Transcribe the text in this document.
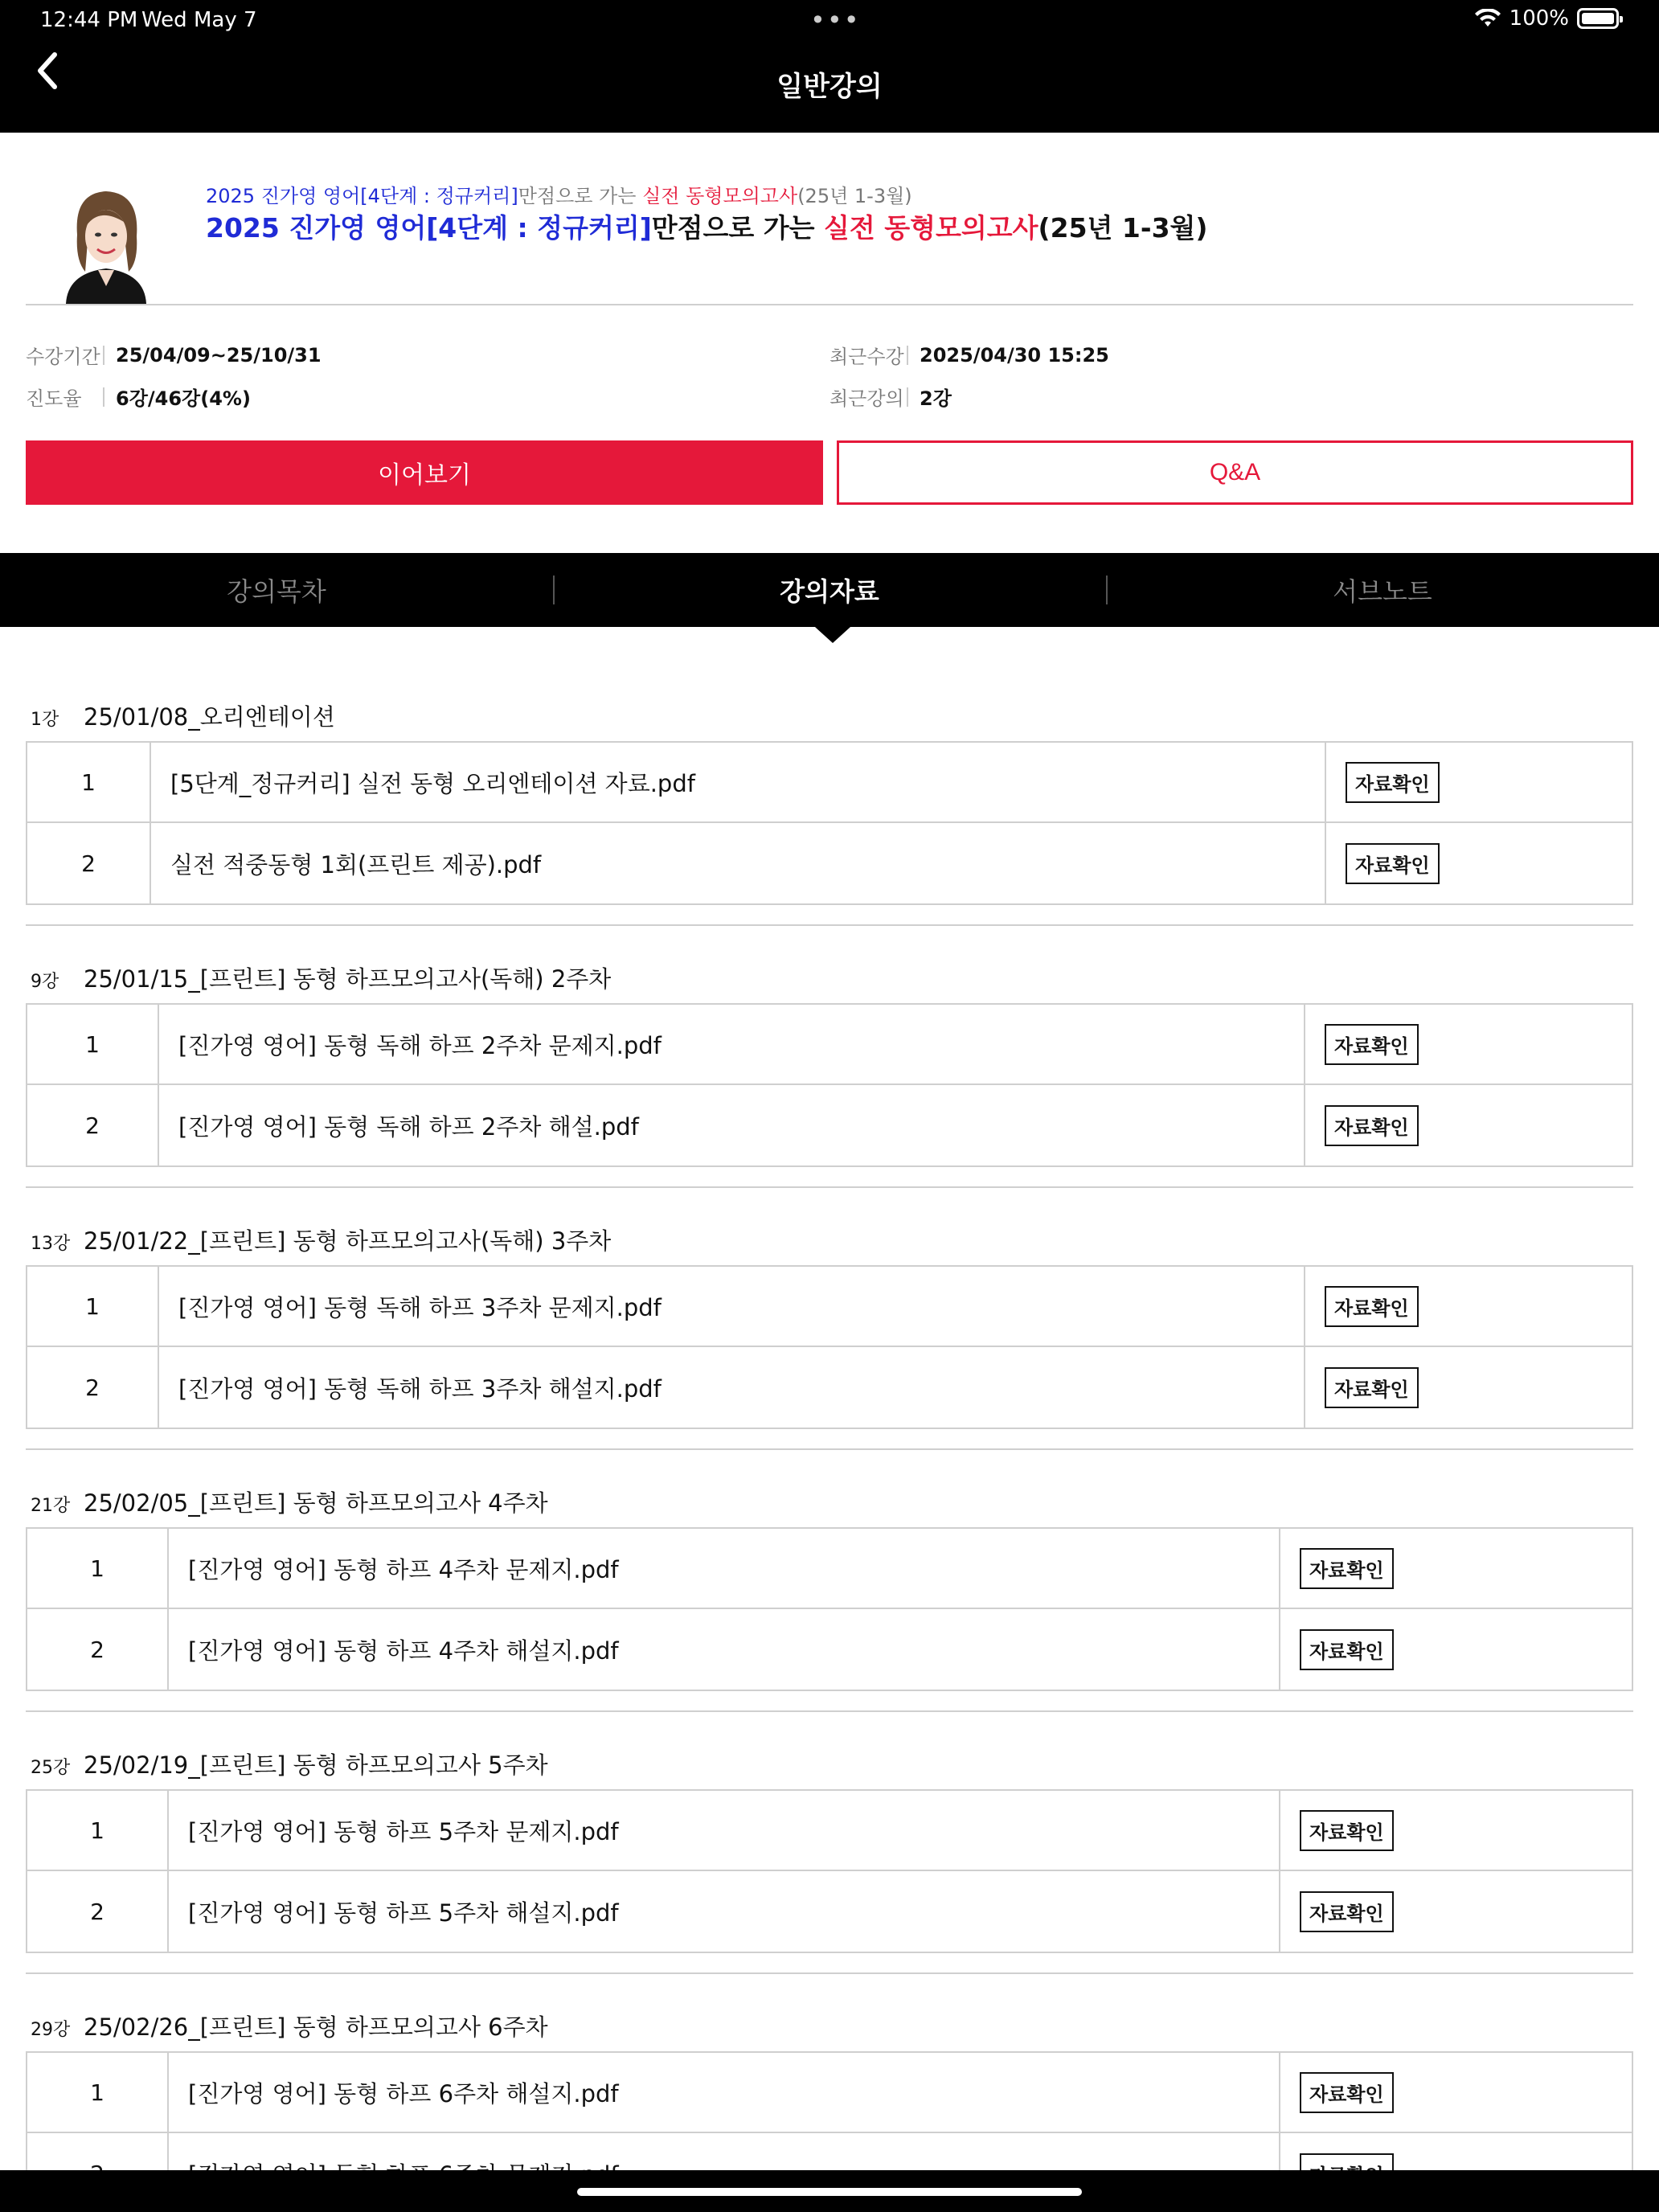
12:44 PM Wed May 7	•••	100%
일반강의
2025 진가영 영어[4단계 : 정규커리]만점으로 가는 실전 동형모의고사(25년 1-3월)
2025 진가영 영어[4단계 : 정규커리]만점으로 가는 실전 동형모의고사(25년 1-3월)
수강기간 25/04/09~25/10/31
진도율	6강 /46강(4%)
최근수강 2025/04/30 15:25
최근강의 2강
이어보기	Q&A
강의목차	강의자료	서브노트
1강	25/01/08_오리엔테이션
1	[5단계_정규커리] 실전 동형 오리엔테이션 자료.pdf	자료확인
2	실전 적중동형 1회(프린트 제공).pdf	자료확인
9강	25/01/15_[프린트] 동형 하프모의고사(독해) 2주차
1	[진가영 영어] 동형 독해 하프 2주차 문제지.pdf	자료확인
2	[진가영 영어] 동형 독해 하프 2주차 해설.pdf	자료확인
13강 25/01/22_[프린트] 동형 하프모의고사(독해) 3주차
1	[진가영 영어] 동형 독해 하프 3주차 문제지.pdf	자료확인
2	[진가영 영어] 동형 독해 하프 3주차 해설지.pdf	자료확인
21강 25/02/05_[프린트] 동형 하프모의고사 4주차
1	[진가영 영어] 동형 하프 4주차 문제지.pdf	자료확인
2	[진가영 영어] 동형 하프 4주차 해설지.pdf	자료확인
25강 25/02/19_[프린트] 동형 하프모의고사 5주차
1	[진가영 영어] 동형 하프 5주차 문제지.pdf	자료확인
2	[진가영 영어] 동형 하프 5주차 해설지.pdf	자료확인
29강 25/02/26_[프린트] 동형 하프모의고사 6주차
1	[진가영 영어] 동형 하프 6주차 해설지.pdf	자료확인
